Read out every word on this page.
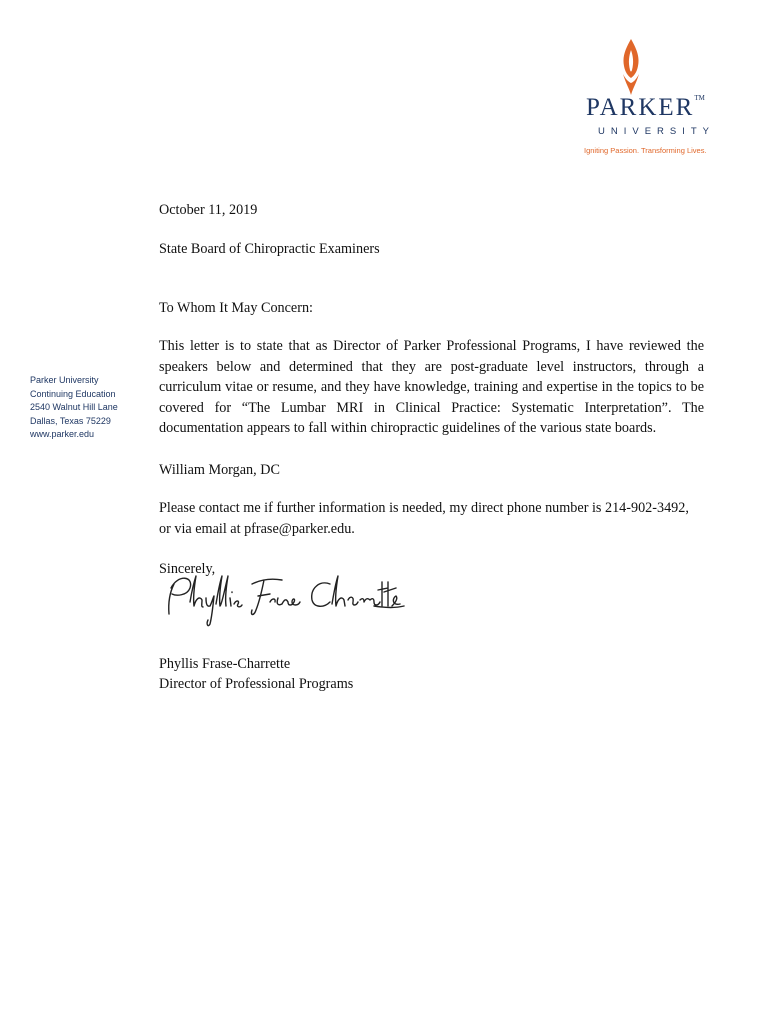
PARKER™
UNIVERSITY
Igniting Passion. Transforming Lives.
Parker University
Continuing Education
2540 Walnut Hill Lane
Dallas, Texas 75229
www.parker.edu

October 11, 2019

State Board of Chiropractic Examiners

To Whom It May Concern:

This letter is to state that as Director of Parker Professional Programs, I have reviewed the speakers below and determined that they are post-graduate level instructors, through a curriculum vitae or resume, and they have knowledge, training and expertise in the topics to be covered for “The Lumbar MRI in Clinical Practice: Systematic Interpretation”. The documentation appears to fall within chiropractic guidelines of the various state boards.

William Morgan, DC

Please contact me if further information is needed, my direct phone number is 214-902-3492, or via email at pfrase@parker.edu.

Sincerely,

Phyllis Frase-Charrette

Director of Professional Programs
